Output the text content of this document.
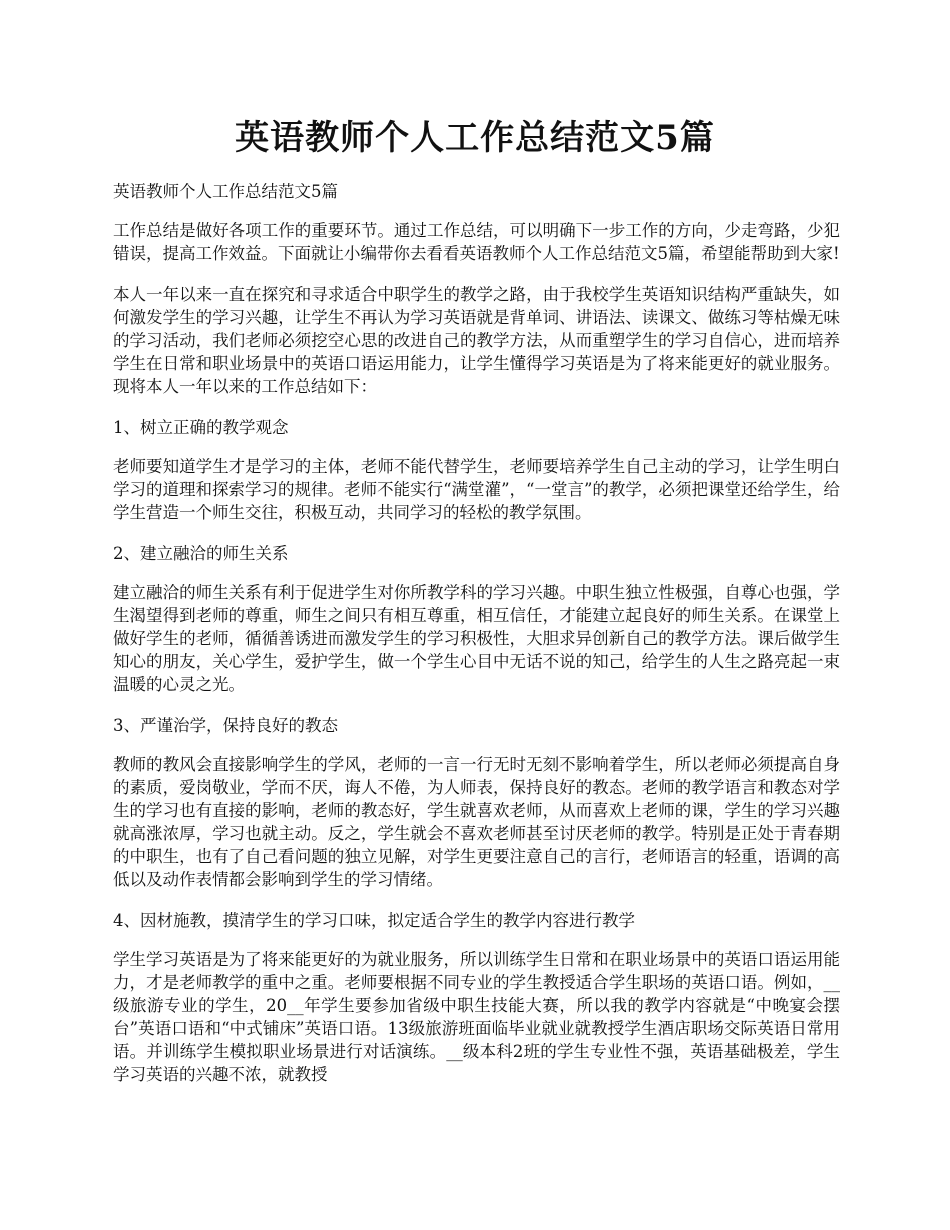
英语教师个人工作总结范文5篇

英语教师个人工作总结范文5篇

工作总结是做好各项工作的重要环节。通过工作总结，可以明确下一步工作的方向，少走弯路，少犯错误，提高工作效益。下面就让小编带你去看看英语教师个人工作总结范文5篇，希望能帮助到大家!

本人一年以来一直在探究和寻求适合中职学生的教学之路，由于我校学生英语知识结构严重缺失，如何激发学生的学习兴趣，让学生不再认为学习英语就是背单词、讲语法、读课文、做练习等枯燥无味的学习活动，我们老师必须挖空心思的改进自己的教学方法，从而重塑学生的学习自信心，进而培养学生在日常和职业场景中的英语口语运用能力，让学生懂得学习英语是为了将来能更好的就业服务。现将本人一年以来的工作总结如下：

1、树立正确的教学观念

老师要知道学生才是学习的主体，老师不能代替学生，老师要培养学生自己主动的学习，让学生明白学习的道理和探索学习的规律。老师不能实行“满堂灌”，“一堂言”的教学，必须把课堂还给学生，给学生营造一个师生交往，积极互动，共同学习的轻松的教学氛围。

2、建立融洽的师生关系

建立融洽的师生关系有利于促进学生对你所教学科的学习兴趣。中职生独立性极强，自尊心也强，学生渴望得到老师的尊重，师生之间只有相互尊重，相互信任，才能建立起良好的师生关系。在课堂上做好学生的老师，循循善诱进而激发学生的学习积极性，大胆求异创新自己的教学方法。课后做学生知心的朋友，关心学生，爱护学生，做一个学生心目中无话不说的知己，给学生的人生之路亮起一束温暖的心灵之光。

3、严谨治学，保持良好的教态

教师的教风会直接影响学生的学风，老师的一言一行无时无刻不影响着学生，所以老师必须提高自身的素质，爱岗敬业，学而不厌，诲人不倦，为人师表，保持良好的教态。老师的教学语言和教态对学生的学习也有直接的影响，老师的教态好，学生就喜欢老师，从而喜欢上老师的课，学生的学习兴趣就高涨浓厚，学习也就主动。反之，学生就会不喜欢老师甚至讨厌老师的教学。特别是正处于青春期的中职生，也有了自己看问题的独立见解，对学生更要注意自己的言行，老师语言的轻重，语调的高低以及动作表情都会影响到学生的学习情绪。

4、因材施教，摸清学生的学习口味，拟定适合学生的教学内容进行教学

学生学习英语是为了将来能更好的为就业服务，所以训练学生日常和在职业场景中的英语口语运用能力，才是老师教学的重中之重。老师要根据不同专业的学生教授适合学生职场的英语口语。例如，__级旅游专业的学生，20__年学生要参加省级中职生技能大赛，所以我的教学内容就是“中晚宴会摆台”英语口语和“中式铺床”英语口语。13级旅游班面临毕业就业就教授学生酒店职场交际英语日常用语。并训练学生模拟职业场景进行对话演练。__级本科2班的学生专业性不强，英语基础极差，学生学习英语的兴趣不浓，就教授
